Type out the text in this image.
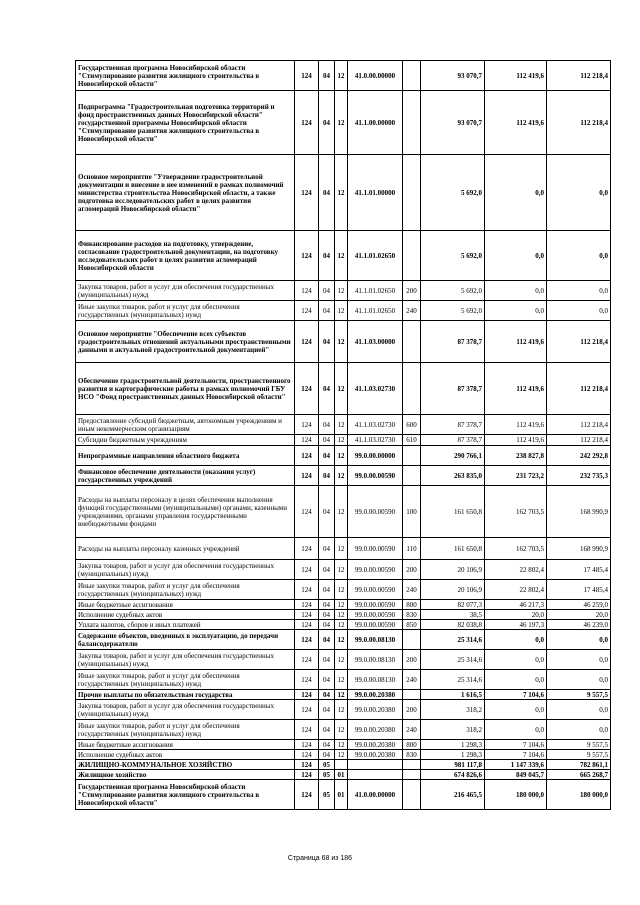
Государственная программа Новосибирской области "Стимулирование развития жилищного строительства в Новосибирской области"	124	04	12	41.0.00.00000		93 070,7	112 419,6	112 218,4
Подпрограмма "Градостроительная подготовка территорий и фонд пространственных данных Новосибирской области" государственной программы Новосибирской области "Стимулирование развития жилищного строительства в Новосибирской области"	124	04	12	41.1.00.00000		93 070,7	112 419,6	112 218,4
Основное мероприятие "Утверждение градостроительной документации и внесение в нее изменений в рамках полномочий министерства строительства Новосибирской области, а также подготовка исследовательских работ в целях развития агломераций Новосибирской области"	124	04	12	41.1.01.00000		5 692,0	0,0	0,0
Финансирование расходов на подготовку, утверждение, согласование градостроительной документации, на подготовку исследовательских работ в целях развития агломераций Новосибирской области	124	04	12	41.1.01.02650		5 692,0	0,0	0,0
Закупка товаров, работ и услуг для обеспечения государственных (муниципальных) нужд	124	04	12	41.1.01.02650	200	5 692,0	0,0	0,0
Иные закупки товаров, работ и услуг для обеспечения государственных (муниципальных) нужд	124	04	12	41.1.01.02650	240	5 692,0	0,0	0,0
Основное мероприятие "Обеспечение всех субъектов градостроительных отношений актуальными пространственными данными и актуальной градостроительной документацией"	124	04	12	41.1.03.00000		87 378,7	112 419,6	112 218,4
Обеспечение градостроительной деятельности, пространственного развития и картографические работы в рамках полномочий ГБУ НСО "Фонд пространственных данных Новосибирской области"	124	04	12	41.1.03.02730		87 378,7	112 419,6	112 218,4
Предоставление субсидий бюджетным, автономным учреждениям и иным некоммерческим организациям	124	04	12	41.1.03.02730	600	87 378,7	112 419,6	112 218,4
Субсидии бюджетным учреждениям	124	04	12	41.1.03.02730	610	87 378,7	112 419,6	112 218,4
Непрограммные направления областного бюджета	124	04	12	99.0.00.00000		290 766,1	238 827,8	242 292,8
Финансовое обеспечение деятельности (оказания услуг) государственных учреждений	124	04	12	99.0.00.00590		263 835,0	231 723,2	232 735,3
Расходы на выплаты персоналу в целях обеспечения выполнения функций государственными (муниципальными) органами, казенными учреждениями, органами управления государственными внебюджетными фондами	124	04	12	99.0.00.00590	100	161 650,8	162 703,5	168 990,9
Расходы на выплаты персоналу казенных учреждений	124	04	12	99.0.00.00590	110	161 650,8	162 703,5	168 990,9
Закупка товаров, работ и услуг для обеспечения государственных (муниципальных) нужд	124	04	12	99.0.00.00590	200	20 106,9	22 802,4	17 485,4
Иные закупки товаров, работ и услуг для обеспечения государственных (муниципальных) нужд	124	04	12	99.0.00.00590	240	20 106,9	22 802,4	17 485,4
Иные бюджетные ассигнования	124	04	12	99.0.00.00590	800	82 077,3	46 217,3	46 259,0
Исполнение судебных актов	124	04	12	99.0.00.00590	830	38,5	20,0	20,0
Уплата налогов, сборов и иных платежей	124	04	12	99.0.00.00590	850	82 038,8	46 197,3	46 239,0
Содержание объектов, введенных в эксплуатацию, до передачи балансодержателю	124	04	12	99.0.00.08130		25 314,6	0,0	0,0
Закупка товаров, работ и услуг для обеспечения государственных (муниципальных) нужд	124	04	12	99.0.00.08130	200	25 314,6	0,0	0,0
Иные закупки товаров, работ и услуг для обеспечения государственных (муниципальных) нужд	124	04	12	99.0.00.08130	240	25 314,6	0,0	0,0
Прочие выплаты по обязательствам государства	124	04	12	99.0.00.20380		1 616,5	7 104,6	9 557,5
Закупка товаров, работ и услуг для обеспечения государственных (муниципальных) нужд	124	04	12	99.0.00.20380	200	318,2	0,0	0,0
Иные закупки товаров, работ и услуг для обеспечения государственных (муниципальных) нужд	124	04	12	99.0.00.20380	240	318,2	0,0	0,0
Иные бюджетные ассигнования	124	04	12	99.0.00.20380	800	1 298,3	7 104,6	9 557,5
Исполнение судебных актов	124	04	12	99.0.00.20380	830	1 298,3	7 104,6	9 557,5
ЖИЛИЩНО-КОММУНАЛЬНОЕ ХОЗЯЙСТВО	124	05				981 117,8	1 147 339,6	782 861,1
Жилищное хозяйство	124	05	01			674 826,6	849 045,7	665 268,7
Государственная программа Новосибирской области "Стимулирование развития жилищного строительства в Новосибирской области"	124	05	01	41.0.00.00000		216 465,5	180 000,0	180 000,0
Страница 68 из 186
